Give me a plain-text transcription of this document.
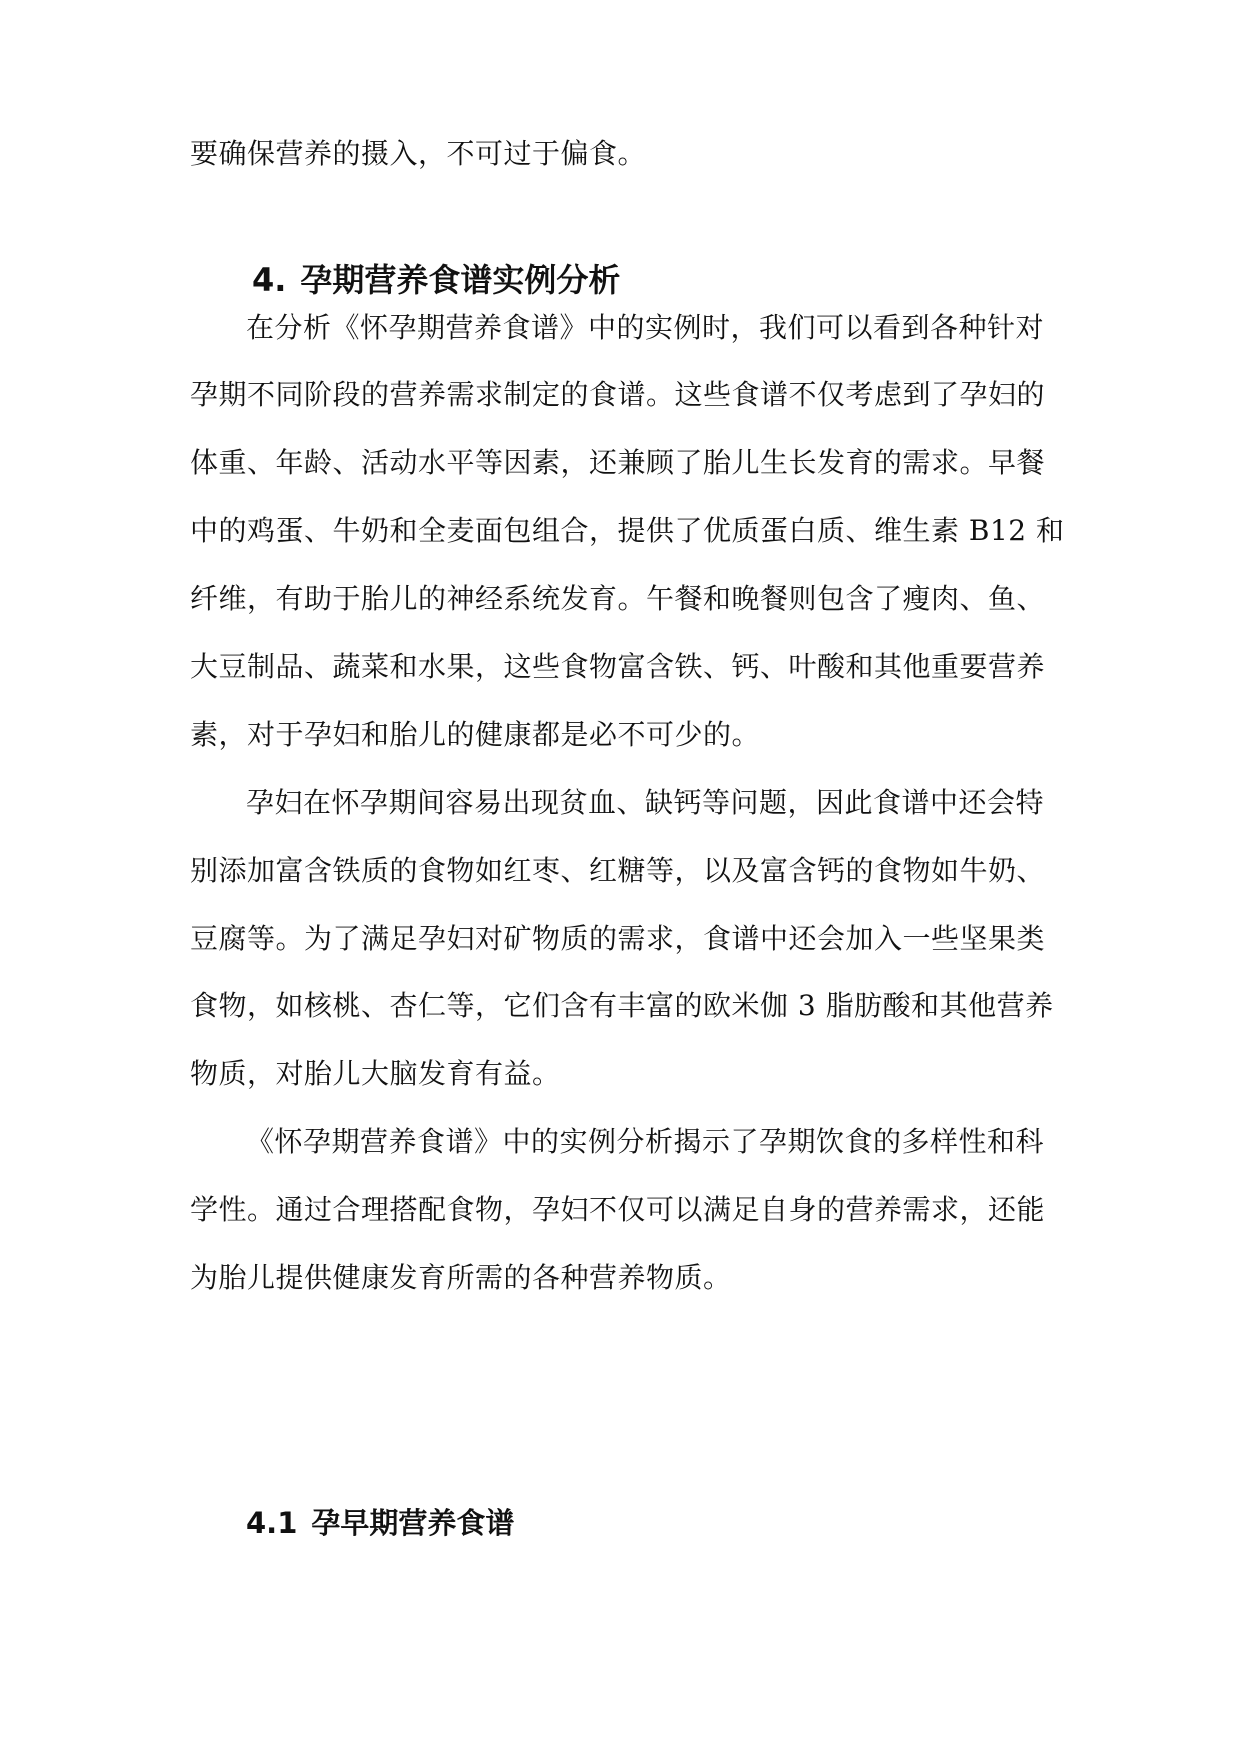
要确保营养的摄入，不可过于偏食。
4. 孕期营养食谱实例分析
在分析《怀孕期营养食谱》中的实例时，我们可以看到各种针对
孕期不同阶段的营养需求制定的食谱。这些食谱不仅考虑到了孕妇的
体重、年龄、活动水平等因素，还兼顾了胎儿生长发育的需求。早餐
中的鸡蛋、牛奶和全麦面包组合，提供了优质蛋白质、维生素 B12 和
纤维，有助于胎儿的神经系统发育。午餐和晚餐则包含了瘦肉、鱼、
大豆制品、蔬菜和水果，这些食物富含铁、钙、叶酸和其他重要营养
素，对于孕妇和胎儿的健康都是必不可少的。
孕妇在怀孕期间容易出现贫血、缺钙等问题，因此食谱中还会特
别添加富含铁质的食物如红枣、红糖等，以及富含钙的食物如牛奶、
豆腐等。为了满足孕妇对矿物质的需求，食谱中还会加入一些坚果类
食物，如核桃、杏仁等，它们含有丰富的欧米伽 3 脂肪酸和其他营养
物质，对胎儿大脑发育有益。
《怀孕期营养食谱》中的实例分析揭示了孕期饮食的多样性和科
学性。通过合理搭配食物，孕妇不仅可以满足自身的营养需求，还能
为胎儿提供健康发育所需的各种营养物质。
4.1 孕早期营养食谱
